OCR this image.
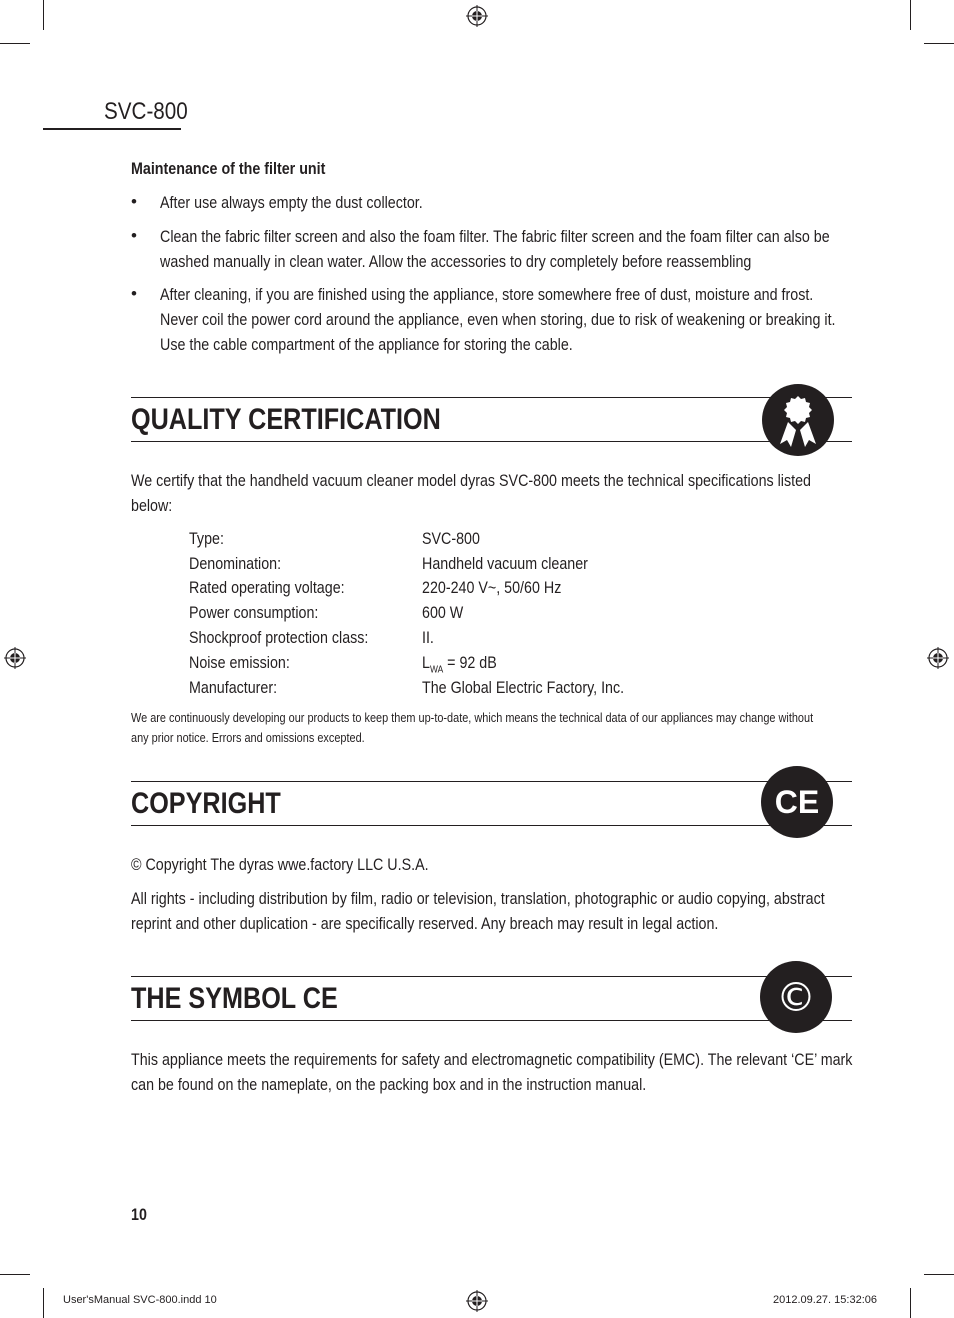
SVC-800
Maintenance of the filter unit
• After use always empty the dust collector.
• Clean the fabric filter screen and also the foam filter. The fabric filter screen and the foam filter can also be
washed manually in clean water. Allow the accessories to dry completely before reassembling
• After cleaning, if you are finished using the appliance, store somewhere free of dust, moisture and frost.
Never coil the power cord around the appliance, even when storing, due to risk of weakening or breaking it.
Use the cable compartment of the appliance for storing the cable.
QUALITY CERTIFICATION
We certify that the handheld vacuum cleaner model dyras SVC-800 meets the technical specifications listed
below:
Type:	SVC-800
Denomination:	Handheld vacuum cleaner
Rated operating voltage:	220-240 V~, 50/60 Hz
Power consumption:	600 W
Shockproof protection class:	II.
Noise emission:	$L_{WA} = 92$ dB
Manufacturer:	The Global Electric Factory, Inc.
We are continuously developing our products to keep them up-to-date, which means the technical data of our appliances may change without
any prior notice. Errors and omissions excepted.
COPYRIGHT	CE
© Copyright The dyras wwe.factory LLC U.S.A.
All rights - including distribution by film, radio or television, translation, photographic or audio copying, abstract
reprint and other duplication - are specifically reserved. Any breach may result in legal action.
THE SYMBOL CE	©
This appliance meets the requirements for safety and electromagnetic compatibility (EMC). The relevant ‘CE’ mark
can be found on the nameplate, on the packing box and in the instruction manual.
10
User'sManual SVC-800.indd 10	2012.09.27. 15:32:06
